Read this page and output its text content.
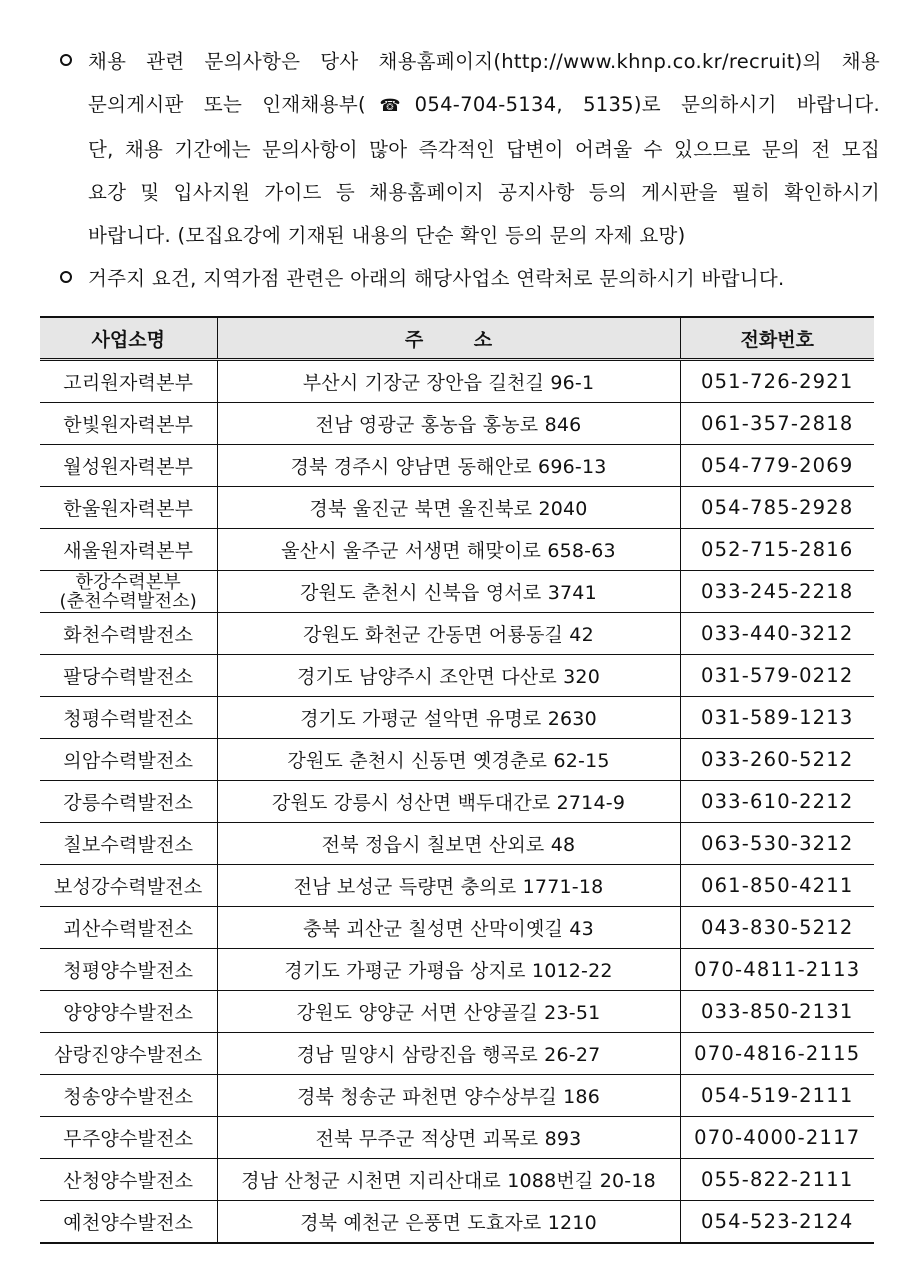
채용 관련 문의사항은 당사 채용홈페이지(http://www.khnp.co.kr/recruit)의 채용
문의게시판 또는 인재채용부(☎054-704-5134, 5135)로 문의하시기 바랍니다.
단, 채용 기간에는 문의사항이 많아 즉각적인 답변이 어려울 수 있으므로 문의 전 모집
요강 및 입사지원 가이드 등 채용홈페이지 공지사항 등의 게시판을 필히 확인하시기
바랍니다. (모집요강에 기재된 내용의 단순 확인 등의 문의 자제 요망)
거주지 요건, 지역가점 관련은 아래의 해당사업소 연락처로 문의하시기 바랍니다.
사업소명	주 소	전화번호
고리원자력본부	부산시 기장군 장안읍 길천길 96-1	051-726-2921
한빛원자력본부	전남 영광군 홍농읍 홍농로 846	061-357-2818
월성원자력본부	경북 경주시 양남면 동해안로 696-13	054-779-2069
한울원자력본부	경북 울진군 북면 울진북로 2040	054-785-2928
새울원자력본부	울산시 울주군 서생면 해맞이로 658-63	052-715-2816

한강수력본부
(춘천수력발전소)	강원도 춘천시 신북읍 영서로 3741	033-245-2218
화천수력발전소	강원도 화천군 간동면 어룡동길 42	033-440-3212
팔당수력발전소	경기도 남양주시 조안면 다산로 320	031-579-0212
청평수력발전소	경기도 가평군 설악면 유명로 2630	031-589-1213
의암수력발전소	강원도 춘천시 신동면 옛경춘로 62-15	033-260-5212
강릉수력발전소	강원도 강릉시 성산면 백두대간로 2714-9	033-610-2212
칠보수력발전소	전북 정읍시 칠보면 산외로 48	063-530-3212
보성강수력발전소	전남 보성군 득량면 충의로 1771-18	061-850-4211
괴산수력발전소	충북 괴산군 칠성면 산막이옛길 43	043-830-5212
청평양수발전소	경기도 가평군 가평읍 상지로 1012-22	070-4811-2113
양양양수발전소	강원도 양양군 서면 산양골길 23-51	033-850-2131
삼랑진양수발전소	경남 밀양시 삼랑진읍 행곡로 26-27	070-4816-2115
청송양수발전소	경북 청송군 파천면 양수상부길 186	054-519-2111
무주양수발전소	전북 무주군 적상면 괴목로 893	070-4000-2117
산청양수발전소	경남 산청군 시천면 지리산대로 1088번길 20-18	055-822-2111
예천양수발전소	경북 예천군 은풍면 도효자로 1210	054-523-2124
